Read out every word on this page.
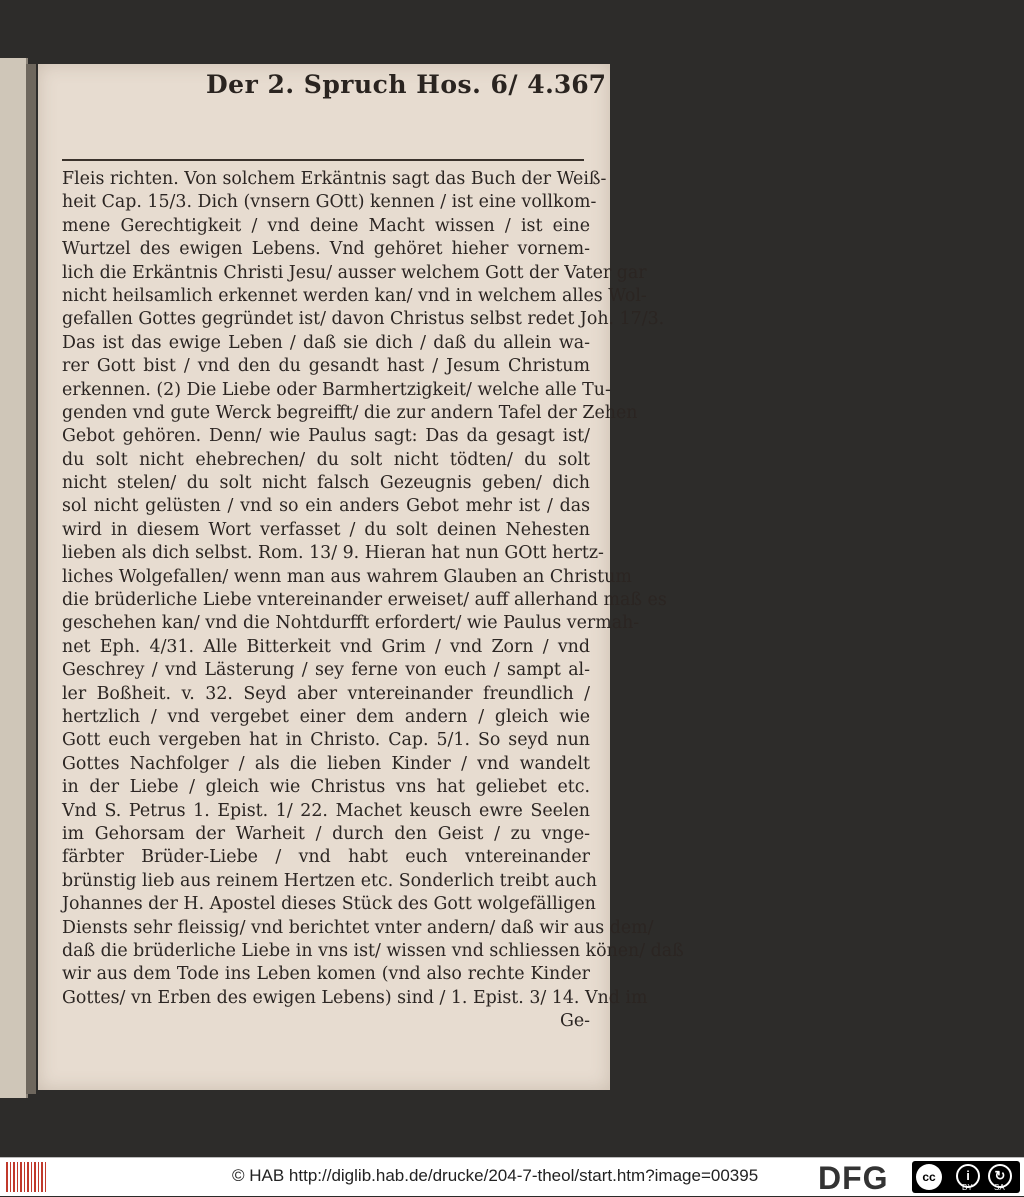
Der 2. Spruch Hos. 6/ 4. 367
Fleis richten. Von solchem Erkäntnis sagt das Buch der Weiß-
heit Cap. 15/3. Dich (vnsern GOtt) kennen / ist eine vollkom-
mene Gerechtigkeit / vnd deine Macht wissen / ist eine
Wurtzel des ewigen Lebens. Vnd gehöret hieher vornem-
lich die Erkäntnis Christi Jesu/ ausser welchem Gott der Vater gar
nicht heilsamlich erkennet werden kan/ vnd in welchem alles Wol-
gefallen Gottes gegründet ist/ davon Christus selbst redet Joh. 17/3.
Das ist das ewige Leben / daß sie dich / daß du allein wa-
rer Gott bist / vnd den du gesandt hast / Jesum Christum
erkennen. (2) Die Liebe oder Barmhertzigkeit/ welche alle Tu-
genden vnd gute Werck begreifft/ die zur andern Tafel der Zehen
Gebot gehören. Denn/ wie Paulus sagt: Das da gesagt ist/
du solt nicht ehebrechen/ du solt nicht tödten/ du solt
nicht stelen/ du solt nicht falsch Gezeugnis geben/ dich
sol nicht gelüsten / vnd so ein anders Gebot mehr ist / das
wird in diesem Wort verfasset / du solt deinen Nehesten
lieben als dich selbst. Rom. 13/ 9. Hieran hat nun GOtt hertz-
liches Wolgefallen/ wenn man aus wahrem Glauben an Christum
die brüderliche Liebe vntereinander erweiset/ auff allerhand maß es
geschehen kan/ vnd die Nohtdurfft erfordert/ wie Paulus vermah-
net Eph. 4/31. Alle Bitterkeit vnd Grim / vnd Zorn / vnd
Geschrey / vnd Lästerung / sey ferne von euch / sampt al-
ler Boßheit. v. 32. Seyd aber vntereinander freundlich /
hertzlich / vnd vergebet einer dem andern / gleich wie
Gott euch vergeben hat in Christo. Cap. 5/1. So seyd nun
Gottes Nachfolger / als die lieben Kinder / vnd wandelt
in der Liebe / gleich wie Christus vns hat geliebet etc.
Vnd S. Petrus 1. Epist. 1/ 22. Machet keusch ewre Seelen
im Gehorsam der Warheit / durch den Geist / zu vnge-
färbter Brüder-Liebe / vnd habt euch vntereinander
brünstig lieb aus reinem Hertzen etc. Sonderlich treibt auch
Johannes der H. Apostel dieses Stück des Gott wolgefälligen
Diensts sehr fleissig/ vnd berichtet vnter andern/ daß wir aus dem/
daß die brüderliche Liebe in vns ist/ wissen vnd schliessen könen/ daß
wir aus dem Tode ins Leben komen (vnd also rechte Kinder
Gottes/ vn Erben des ewigen Lebens) sind / 1. Epist. 3/ 14. Vnd im
Ge-
© HAB http://diglib.hab.de/drucke/204-7-theol/start.htm?image=00395 DFG	cc	i	↻
BY	SA
